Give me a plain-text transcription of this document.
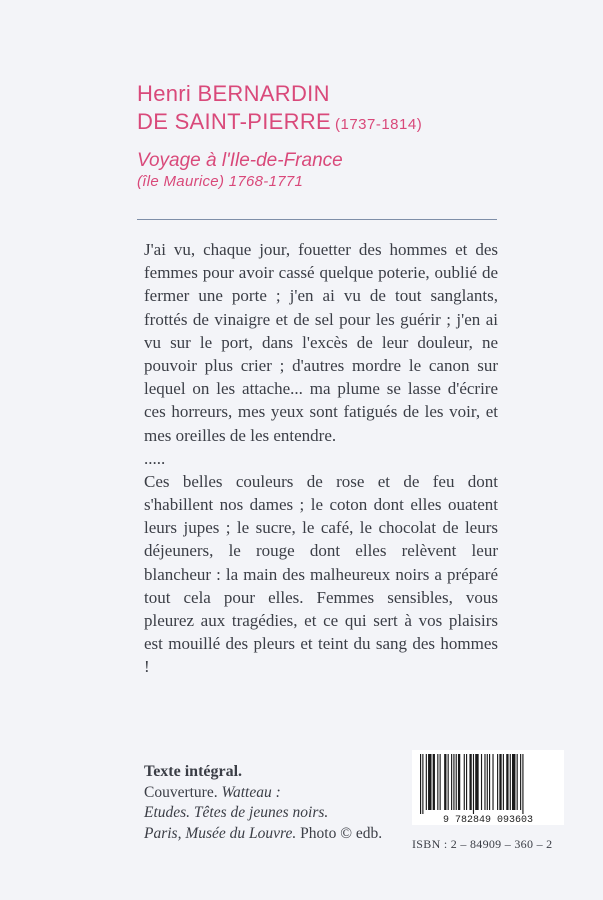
Henri BERNARDIN
DE SAINT-PIERRE (1737-1814)
Voyage à l'Ile-de-France
(île Maurice) 1768-1771

J'ai vu, chaque jour, fouetter des hommes et des femmes pour avoir cassé quelque poterie, oublié de fermer une porte ; j'en ai vu de tout sanglants, frottés de vinaigre et de sel pour les guérir ; j'en ai vu sur le port, dans l'excès de leur douleur, ne pouvoir plus crier ; d'autres mordre le canon sur lequel on les attache... ma plume se lasse d'écrire ces horreurs, mes yeux sont fatigués de les voir, et mes oreilles de les entendre.

.....

Ces belles couleurs de rose et de feu dont s'habillent nos dames ; le coton dont elles ouatent leurs jupes ; le sucre, le café, le chocolat de leurs déjeuners, le rouge dont elles relèvent leur blancheur : la main des malheureux noirs a préparé tout cela pour elles. Femmes sensibles, vous pleurez aux tragédies, et ce qui sert à vos plaisirs est mouillé des pleurs et teint du sang des hommes !

Texte intégral.
Couverture. Watteau :
Etudes. Têtes de jeunes noirs.
Paris, Musée du Louvre. Photo © edb.
9 782849 093603
ISBN : 2 – 84909 – 360 – 2
